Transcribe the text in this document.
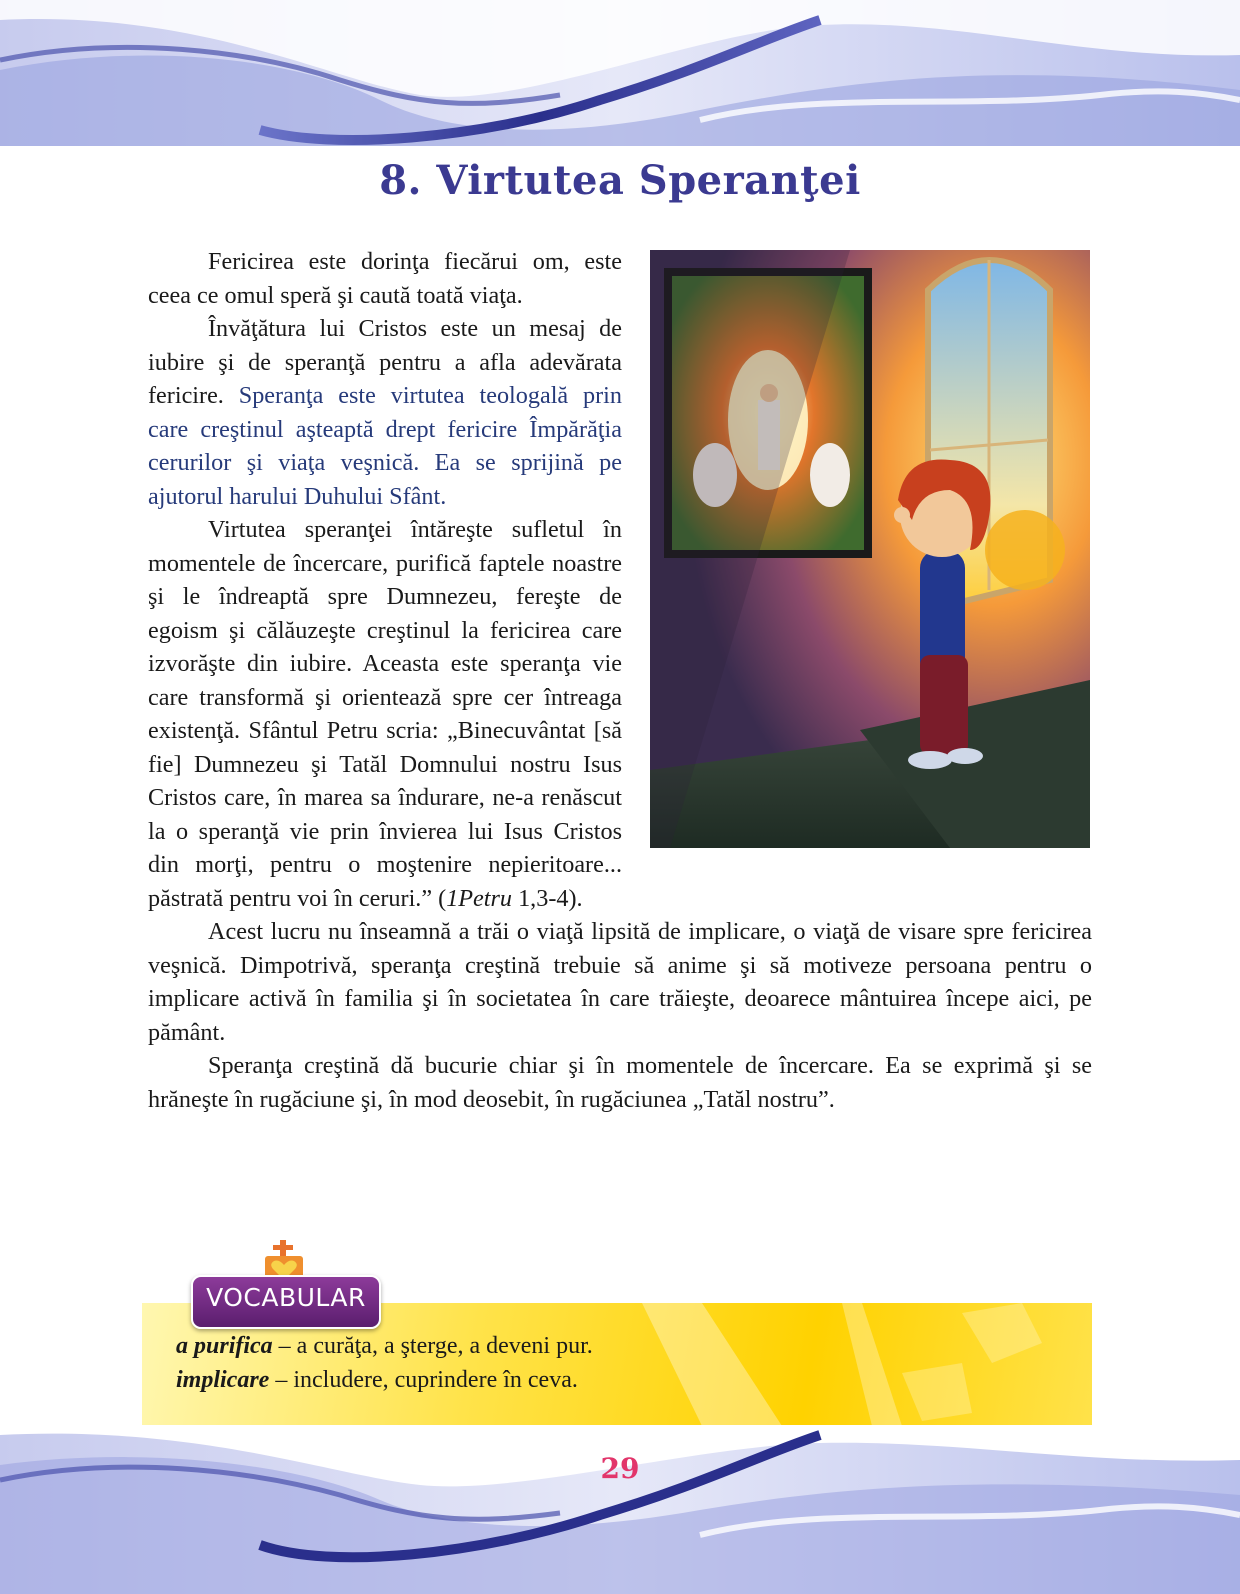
8. Virtutea Speranţei

Fericirea este dorinţa fiecărui om, este ceea ce omul speră şi caută toată viaţa.

Învăţătura lui Cristos este un mesaj de iubire şi de speranţă pentru a afla adevărata fericire. Speranţa este virtutea teologală prin care creştinul aşteaptă drept fericire Împărăţia cerurilor şi viaţa veşnică. Ea se sprijină pe ajutorul harului Duhului Sfânt.

Virtutea speranţei întăreşte sufletul în momentele de încercare, purifică faptele noastre şi le îndreaptă spre Dumnezeu, fereşte de egoism şi călăuzeşte creştinul la fericirea care izvorăşte din iubire. Aceasta este speranţa vie care transformă şi orientează spre cer întreaga existenţă. Sfântul Petru scria: „Binecuvântat [să fie] Dumnezeu şi Tatăl Domnului nostru Isus Cristos care, în marea sa îndurare, ne-a renăscut la o speranţă vie prin învierea lui Isus Cristos din morţi, pentru o moştenire nepieritoare... păstrată pentru voi în ceruri.” (1Petru 1,3-4).

Acest lucru nu înseamnă a trăi o viaţă lipsită de implicare, o viaţă de visare spre fericirea veşnică. Dimpotrivă, speranţa creştină trebuie să anime şi să motiveze persoana pentru o implicare activă în familia şi în societatea în care trăieşte, deoarece mântuirea începe aici, pe pământ.

Speranţa creştină dă bucurie chiar şi în momentele de încercare. Ea se exprimă şi se hrăneşte în rugăciune şi, în mod deosebit, în rugăciunea „Tatăl nostru”.

a purifica – a curăţa, a şterge, a deveni pur.
implicare – includere, cuprindere în ceva.
VOCABULAR
29
